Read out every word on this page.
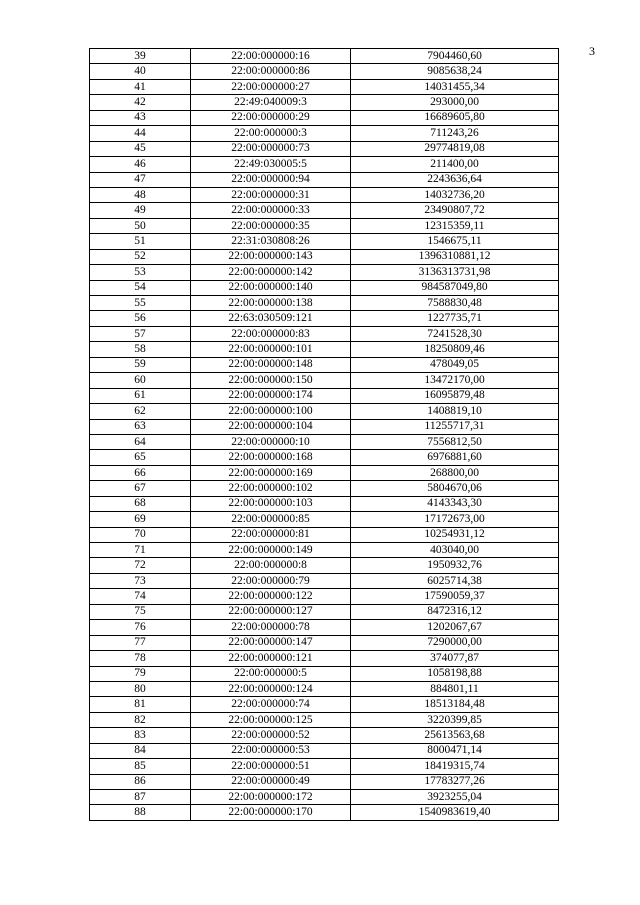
3
39	22:00:000000:16	7904460,60
40	22:00:000000:86	9085638,24
41	22:00:000000:27	14031455,34
42	22:49:040009:3	293000,00
43	22:00:000000:29	16689605,80
44	22:00:000000:3	711243,26
45	22:00:000000:73	29774819,08
46	22:49:030005:5	211400,00
47	22:00:000000:94	2243636,64
48	22:00:000000:31	14032736,20
49	22:00:000000:33	23490807,72
50	22:00:000000:35	12315359,11
51	22:31:030808:26	1546675,11
52	22:00:000000:143	1396310881,12
53	22:00:000000:142	3136313731,98
54	22:00:000000:140	984587049,80
55	22:00:000000:138	7588830,48
56	22:63:030509:121	1227735,71
57	22:00:000000:83	7241528,30
58	22:00:000000:101	18250809,46
59	22:00:000000:148	478049,05
60	22:00:000000:150	13472170,00
61	22:00:000000:174	16095879,48
62	22:00:000000:100	1408819,10
63	22:00:000000:104	11255717,31
64	22:00:000000:10	7556812,50
65	22:00:000000:168	6976881,60
66	22:00:000000:169	268800,00
67	22:00:000000:102	5804670,06
68	22:00:000000:103	4143343,30
69	22:00:000000:85	17172673,00
70	22:00:000000:81	10254931,12
71	22:00:000000:149	403040,00
72	22:00:000000:8	1950932,76
73	22:00:000000:79	6025714,38
74	22:00:000000:122	17590059,37
75	22:00:000000:127	8472316,12
76	22:00:000000:78	1202067,67
77	22:00:000000:147	7290000,00
78	22:00:000000:121	374077,87
79	22:00:000000:5	1058198,88
80	22:00:000000:124	884801,11
81	22:00:000000:74	18513184,48
82	22:00:000000:125	3220399,85
83	22:00:000000:52	25613563,68
84	22:00:000000:53	8000471,14
85	22:00:000000:51	18419315,74
86	22:00:000000:49	17783277,26
87	22:00:000000:172	3923255,04
88	22:00:000000:170	1540983619,40
